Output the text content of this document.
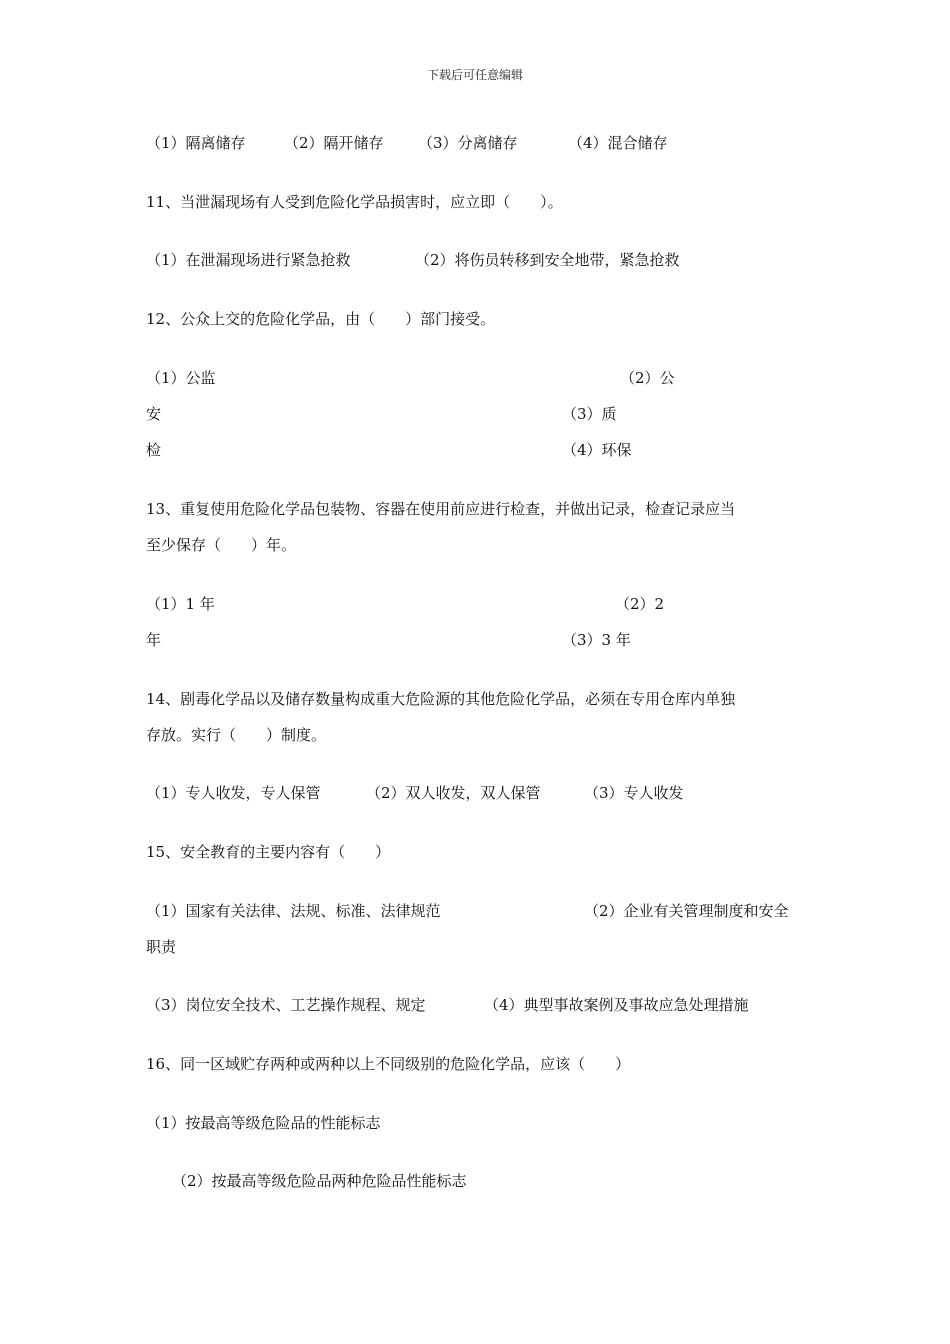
下载后可任意编辑
（1）隔离储存	（2）隔开储存 （3）分离储存	（4）混合储存
11、当泄漏现场有人受到危险化学品损害时，应立即（　　）。
（1）在泄漏现场进行紧急抢救	（2）将伤员转移到安全地带，紧急抢救
12、公众上交的危险化学品，由（　　）部门接受。
（1）公监	（2）公
安	（3）质
检	（4）环保
13、重复使用危险化学品包装物、容器在使用前应进行检查，并做出记录，检查记录应当
至少保存（　　）年。
（1）1 年	（2）2
年	（3）3 年
14、剧毒化学品以及储存数量构成重大危险源的其他危险化学品，必须在专用仓库内单独
存放。实行（　　）制度。
（1）专人收发，专人保管	（2）双人收发，双人保管	（3）专人收发
15、安全教育的主要内容有（　　）
（1）国家有关法律、法规、标准、法律规范	（2）企业有关管理制度和安全
职责
（3）岗位安全技术、工艺操作规程、规定	（4）典型事故案例及事故应急处理措施
16、同一区域贮存两种或两种以上不同级别的危险化学品，应该（　　）
（1）按最高等级危险品的性能标志
（2）按最高等级危险品两种危险品性能标志
